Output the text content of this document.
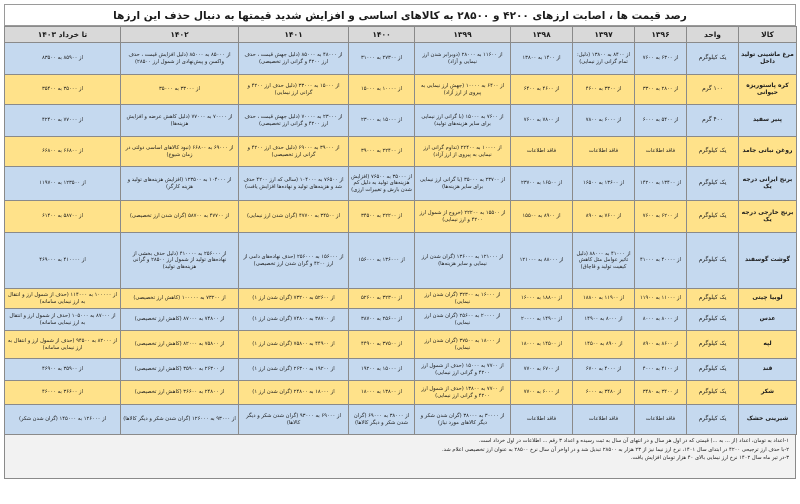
رصد قیمت ها ، اصابت ارزهای ۴۲۰۰ و ۲۸۵۰۰ به کالاهای اساسی و افزایش شدید قیمتها به دنبال حذف این ارزها
کالا	واحد	۱۳۹۶	۱۳۹۷	۱۳۹۸	۱۳۹۹	۱۴۰۰	۱۴۰۱	۱۴۰۲	تا خرداد ۱۴۰۳
مرغ ماشینی تولید داخل	یک کیلوگرم	از ۶۳۰۰ به ۷۶۰۰	از ۸۴۰۰ به ۱۳۸۰۰ (دلیل: تمام گرانی ارز نیمایی)	از ۱۴۰۰ به ۱۳۸۰۰	از ۱۱۶۰۰ به ۲۸۰۰۰ (دوبرابر شدن ارز نیمایی و آزاد)	از ۲۷۳۰۰ به ۳۱۰۰۰	از ۴۸۰۰۰ به ۸۵۰۰۰ (دلیل جهش قیمت ، حذف ارز ۴۲۰۰ و گرانی ارز تخصیصی)	از ۸۵۰۰۰ به ۸۵۰۰۰ (دلیل افزایش قیمت ، حذف واکسن و پیش‌نهادی از شمول ارز ۲۸۵۰۰)	از ۸۵۹۰۰ به ۸۳۵۰۰
کره پاستوریزه حیوانی	۱۰۰ گرم	از ۲۸۰۰ به ۳۳۰۰	از ۳۳۰۰ به ۴۶۰۰	از ۴۶۰۰ به ۶۴۰۰	از ۶۴۰۰ به ۱۰۰۰۰ (جهش ارز نیمایی به پیروی از ارز آزاد)	از ۱۰۰۰۰ به ۱۵۰۰۰	از ۱۵۰۰۰ به ۳۳۰۰۰ (دلیل حذف ارز ۴۲۰۰ و گرانی ارز نیمایی)	از ۳۳۰۰۰ به ۳۵۰۰۰	از ۳۵۰۰۰ به ۳۵۴۰۰
پنیر سفید	۴۰۰ گرم	از ۵۴۰۰ به ۶۰۰۰	از ۶۰۰۰ به ۷۸۰۰	از ۷۸۰۰ به ۷۶۰۰	از ۷۶۰۰ به ۱۵۰۰۰ (با گرانی ارز نیمایی برای سایر هزینه‌های تولید)	از ۱۵۰۰۰ به ۲۳۰۰۰	از ۲۳۰۰۰ به ۷۰۰۰۰ (دلیل جهش قیمت ، حذف ارز ۴۲۰۰ و گرانی ارز تخصیصی)	از ۷۰۰۰۰ به ۷۷۰۰۰ (دلیل کاهش عرضه و افزایش هزینه‌ها)	از ۷۷۰۰۰ به ۴۲۴۰۰
روغن نباتی جامد	یک کیلوگرم	فاقد اطلاعات	فاقد اطلاعات	فاقد اطلاعات	از ۱۰۰۰۰ به ۲۲۴۰۰ (تداوم گرانی ارز نیمایی به پیروی از ارز آزاد)	از ۲۲۴۰۰ به ۳۹۰۰۰	از ۳۹۰۰۰ به ۶۹۰۰۰ (دلیل حذف ارز ۴۲۰۰ و گرانی ارز تخصیصی)	از ۶۹۰۰۰ به ۶۶۸۰۰ (نبود کالاهای اساسی دولتی در زمان شیوع)	از ۶۶۸۰۰ به ۶۶۸۰۰
برنج ایرانی درجه یک	یک کیلوگرم	از ۱۳۴۰۰ به ۱۴۲۰۰	از ۱۳۶۰۰ به ۱۶۵۰۰	از ۱۶۵۰۰ به ۲۳۷۰۰	از ۲۳۷۰۰ به ۳۵۰۰۰ (با گرانی ارز نیمایی برای سایر هزینه‌ها)	از ۳۵۰۰۰ به ۷۶۵۰۰ (افزایش هزینه‌های تولید به دلیل کم شدن بارش و تغییرات ارزی)	از ۷۶۵۰۰ به ۱۰۴۰۰۰ (سالی که ارز ۴۲۰۰ حذف شد و هزینه‌های تولید و نهاده‌ها افزایش یافت)	از ۱۰۴۰۰۰ به ۱۲۳۵۰۰ (افزایش هزینه‌های تولید و هزینه کارگر)	از ۱۲۳۵۰۰ به ۱۱۹۷۰۰
برنج خارجی درجه یک	یک کیلوگرم	از ۶۲۰۰ به ۷۶۰۰	از ۷۶۰۰ به ۸۹۰۰	از ۸۹۰۰ به ۱۵۵۰۰	از ۱۵۵۰۰ به ۲۲۲۰۰ (خروج از شمول ارز ۴۲۰۰ و ارز نیمایی)	از ۲۲۲۰۰ به ۳۴۵۰۰	از ۳۴۵۰۰ به ۴۷۷۰۰ (گران شدن ارز نیمایی)	از ۴۷۷۰۰ به ۵۸۷۰۰ (گران شدن ارز تخصیصی)	از ۵۸۷۰۰ به ۶۱۴۰۰
گوشت گوسفند	یک کیلوگرم	از ۴۰۰۰۰ به ۴۱۰۰۰	از ۴۱۰۰۰ به ۸۸۰۰۰ (دلیل تاثیر عوامل مثل کاهش کیفیت تولید و قاچاق)	از ۸۸۰۰۰ به ۱۲۱۰۰۰	از ۱۲۱۰۰۰ به ۱۳۶۰۰۰ (گران شدن ارز نیمایی و سایر هزینه‌ها)	از ۱۳۶۰۰۰ به ۱۵۶۰۰۰	از ۱۵۶۰۰۰ به ۲۵۶۰۰۰ (حذف نهاده‌های دامی از ارز ۴۲۰۰ و گران شدن ارز تخصیصی)	از ۲۵۶۰۰۰ به ۴۱۰۰۰۰ (دلیل حذف بخشی از نهاده‌های تولید از شمول ارز ۲۸۵۰۰ و گرانی هزینه‌های تولید)	از ۴۱۰۰۰۰ به ۴۶۹۰۰۰
لوبیا چیتی	یک کیلوگرم	از ۱۱۰۰۰ به ۱۱۹۰۰	از ۱۱۹۰۰ به ۱۸۸۰۰	از ۱۸۸۰۰ به ۱۶۰۰۰	از ۱۶۰۰۰ به ۳۲۳۰۰ (گران شدن ارز نیمایی)	از ۳۲۳۰۰ به ۵۲۶۰۰	از ۵۲۶۰۰ به ۷۳۲۰۰ (گران شدن ارز ۱)	از ۷۳۲۰۰ به ۱۰۰۰۰۰ (کاهش ارز تخصیصی)	از ۱۰۰۰۰۰ به ۱۱۴۰۰۰ (حذف از شمول ارز و انتقال به ارز نیمایی سامانه)
عدس	یک کیلوگرم	از ۸۰۰۰ به ۸۰۰۰	از ۸۰۰۰ به ۱۴۹۰۰	از ۱۴۹۰۰ به ۲۰۰۰۰	از ۲۰۰۰۰ به ۲۵۶۰۰ (گران شدن ارز نیمایی)	از ۲۵۶۰۰ به ۳۸۷۰۰	از ۳۸۷۰۰ به ۷۴۸۰۰ (گران شدن ارز ۱)	از ۷۴۸۰۰ به ۸۷۰۰۰ (کاهش ارز تخصیصی)	از ۸۷۰۰۰ به ۱۰۵۰۰۰ (حذف از شمول ارز و انتقال به ارز نیمایی سامانه)
لپه	یک کیلوگرم	از ۸۶۰۰ به ۸۹۰۰	از ۸۹۰۰ به ۱۴۵۰۰	از ۱۴۵۰۰ به ۱۸۰۰۰	از ۱۸۰۰۰ به ۳۷۵۰۰ (گران شدن ارز نیمایی)	از ۳۷۵۰۰ به ۴۴۹۰۰	از ۴۴۹۰۰ به ۷۵۸۰۰ (گران شدن ارز ۱)	از ۷۵۸۰۰ به ۸۲۰۰۰ (کاهش ارز تخصیصی)	از ۸۲۰۰۰ به ۹۴۵۰۰ (حذف از شمول ارز و انتقال به ارز نیمایی سامانه)
قند	یک کیلوگرم	از ۴۱۰۰ به ۴۰۰۰	از ۴۰۰۰ به ۶۷۰۰	از ۶۷۰۰ به ۷۷۰۰	از ۷۷۰۰ به ۱۵۰۰۰ (حذف از شمول ارز ۴۲۰۰ و گرانی ارز نیمایی)	از ۱۵۰۰۰ به ۱۹۲۰۰	از ۱۹۲۰۰ به ۲۶۳۰۰ (گران شدن ارز ۱)	از ۲۶۳۰۰ به ۳۵۹۰۰ (کاهش ارز تخصیصی)	از ۳۵۹۰۰ به ۴۶۹۰۰
شکر	یک کیلوگرم	از ۳۴۰۰ به ۳۴۸۰	از ۳۴۸۰ به ۶۰۰۰	از ۶۰۰۰ به ۷۷۰۰	از ۷۷۰۰ به ۱۳۸۰۰ (حذف از شمول ارز ۴۲۰۰ و گرانی ارز نیمایی)	از ۱۳۸۰۰ به ۱۸۰۰۰	از ۱۸۰۰۰ به ۲۴۸۰۰ (گران شدن ارز ۱)	از ۲۴۸۰۰ به ۳۶۶۰۰ (کاهش ارز تخصیصی)	از ۳۶۶۰۰ به ۴۶۰۰۰
شیرینی خشک	یک کیلوگرم	فاقد اطلاعات	فاقد اطلاعات	فاقد اطلاعات	از ۳۰۰۰۰ به ۳۸۰۰۰ (گران شدن شکر و دیگر کالاهای مورد نیاز)	از ۳۸۰۰۰ به ۶۹۰۰۰ (گران شدن شکر و دیگر کالاها)	از ۶۹۰۰۰ به ۹۳۰۰۰ (گران شدن شکر و دیگر کالاها)	از ۹۳۰۰۰ به ۱۲۶۰۰۰ (گران شدن شکر و دیگر کالاها)	از ۱۲۶۰۰۰ به ۱۴۵۰۰۰ (گران شدن شکر)

۱-اعداد به تومان، اعداد (از ... به ...) قیمتی که در اول هر سال و در انتهای آن سال به ثبت رسیده و اعداد ۳ رقم ... اطلاعات در اول خرداد است.

۲-با حذف ارز ترجیحی ۴۲۰۰ در ابتدای سال ۱۴۰۱، نرخ ارز نیما نیز از ۲۳ هزار به ۲۸۵۰۰ تبدیل شد و در اواخر آن سال نرخ ۲۸۵۰۰ به عنوان ارز تخصیصی اعلام شد.

۳-در تیر ماه سال ۱۴۰۲ نرخ ارز نیمایی بالای ۴۰ هزار تومان افزایش یافت.
